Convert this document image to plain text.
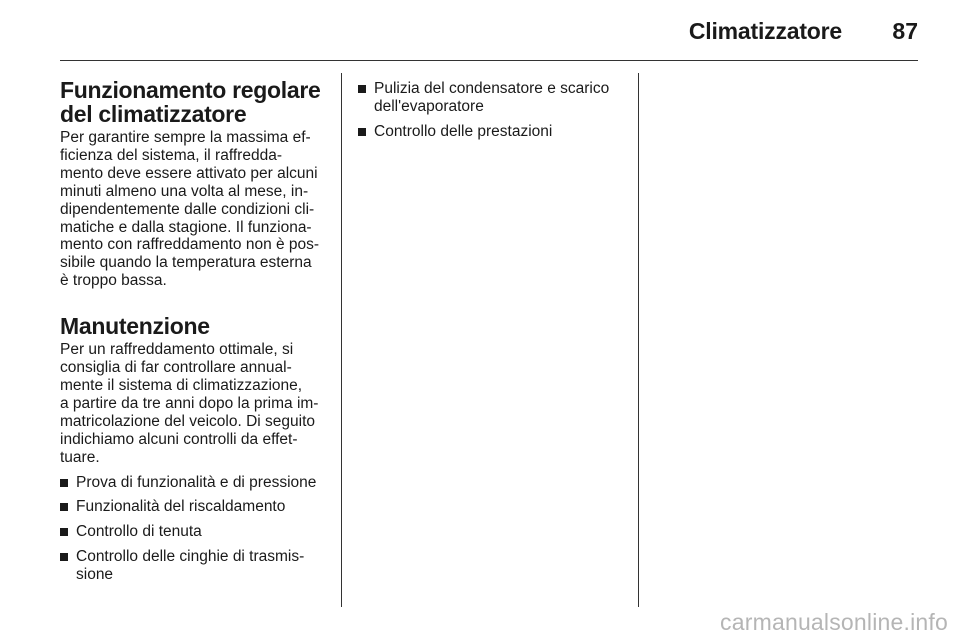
Climatizzatore 87
Funzionamento regolare
del climatizzatore

Per garantire sempre la massima ef-
ficienza del sistema, il raffredda-
mento deve essere attivato per alcuni
minuti almeno una volta al mese, in-
dipendentemente dalle condizioni cli-
matiche e dalla stagione. Il funziona-
mento con raffreddamento non è pos-
sibile quando la temperatura esterna
è troppo bassa.

Manutenzione

Per un raffreddamento ottimale, si
consiglia di far controllare annual-
mente il sistema di climatizzazione,
a partire da tre anni dopo la prima im-
matricolazione del veicolo. Di seguito
indichiamo alcuni controlli da effet-
tuare.

Prova di funzionalità e di pressione
Funzionalità del riscaldamento
Controllo di tenuta
Controllo delle cinghie di trasmis-
sione
Pulizia del condensatore e scarico
dell'evaporatore
Controllo delle prestazioni
carmanualsonline.info
